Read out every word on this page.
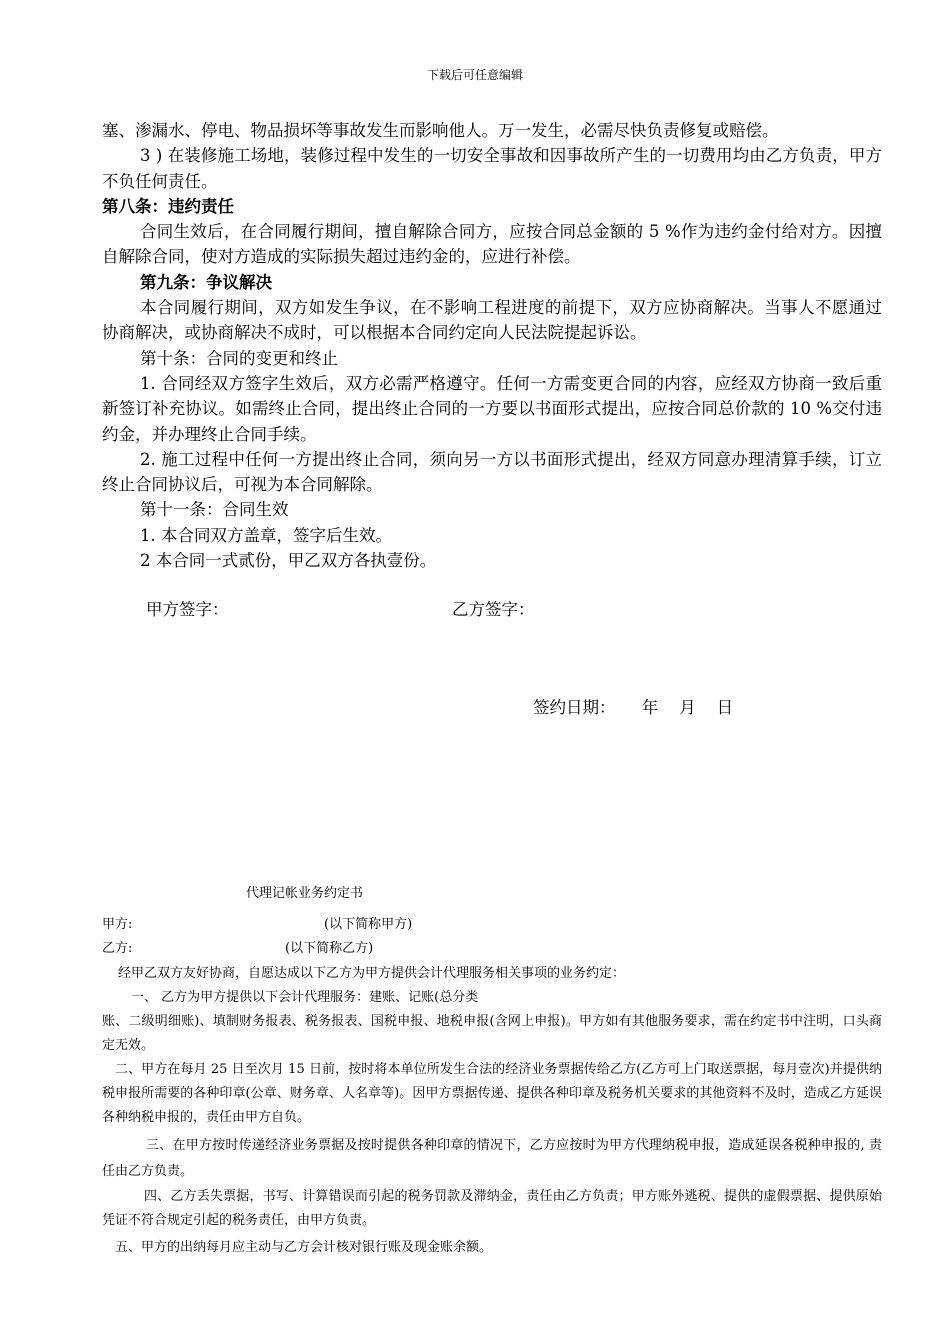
下载后可任意编辑

塞、渗漏水、停电、物品损坏等事故发生而影响他人。万一发生，必需尽快负责修复或赔偿。

3 ) 在装修施工场地，装修过程中发生的一切安全事故和因事故所产生的一切费用均由乙方负责，甲方不负任何责任。

第八条：违约责任

合同生效后，在合同履行期间，擅自解除合同方，应按合同总金额的 5 %作为违约金付给对方。因擅自解除合同，使对方造成的实际损失超过违约金的，应进行补偿。

第九条：争议解决

本合同履行期间，双方如发生争议，在不影响工程进度的前提下，双方应协商解决。当事人不愿通过协商解决，或协商解决不成时，可以根据本合同约定向人民法院提起诉讼。

第十条：合同的变更和终止

1. 合同经双方签字生效后，双方必需严格遵守。任何一方需变更合同的内容，应经双方协商一致后重新签订补充协议。如需终止合同，提出终止合同的一方要以书面形式提出，应按合同总价款的 10 %交付违约金，并办理终止合同手续。

2. 施工过程中任何一方提出终止合同，须向另一方以书面形式提出，经双方同意办理清算手续，订立终止合同协议后，可视为本合同解除。

第十一条：合同生效

1. 本合同双方盖章，签字后生效。

2 本合同一式贰份，甲乙双方各执壹份。

甲方签字：	乙方签字：
签约日期：     年    月    日
代理记帐业务约定书
甲方:	(以下简称甲方)
乙方:	(以下简称乙方)

经甲乙双方友好协商，自愿达成以下乙方为甲方提供会计代理服务相关事项的业务约定：

一、 乙方为甲方提供以下会计代理服务：建账、记账(总分类

账、二级明细账)、填制财务报表、税务报表、国税申报、地税申报(含网上申报)。甲方如有其他服务要求，需在约定书中注明，口头商定无效。

二、甲方在每月 25 日至次月 15 日前，按时将本单位所发生合法的经济业务票据传给乙方(乙方可上门取送票据，每月壹次)并提供纳税申报所需要的各种印章(公章、财务章、人名章等)。因甲方票据传递、提供各种印章及税务机关要求的其他资料不及时，造成乙方延误各种纳税申报的，责任由甲方自负。

三、在甲方按时传递经济业务票据及按时提供各种印章的情况下，乙方应按时为甲方代理纳税申报，造成延误各税种申报的, 责任由乙方负责。

四、乙方丢失票据，书写、计算错误而引起的税务罚款及滞纳金，责任由乙方负责；甲方账外逃税、提供的虚假票据、提供原始凭证不符合规定引起的税务责任，由甲方负责。

五、甲方的出纳每月应主动与乙方会计核对银行账及现金账余额。
